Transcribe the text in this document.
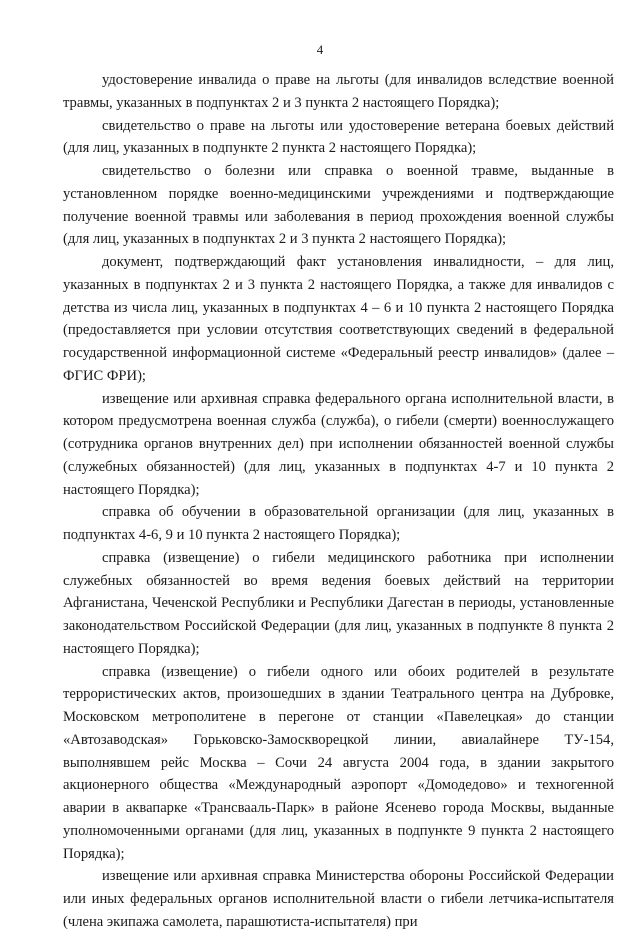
4

удостоверение инвалида о праве на льготы (для инвалидов вследствие военной травмы, указанных в подпунктах 2 и 3 пункта 2 настоящего Порядка);

свидетельство о праве на льготы или удостоверение ветерана боевых действий (для лиц, указанных в подпункте 2 пункта 2 настоящего Порядка);

свидетельство о болезни или справка о военной травме, выданные в установленном порядке военно-медицинскими учреждениями и подтверждающие получение военной травмы или заболевания в период прохождения военной службы (для лиц, указанных в подпунктах 2 и 3 пункта 2 настоящего Порядка);

документ, подтверждающий факт установления инвалидности, – для лиц, указанных в подпунктах 2 и 3 пункта 2 настоящего Порядка, а также для инвалидов с детства из числа лиц, указанных в подпунктах 4 – 6 и 10 пункта 2 настоящего Порядка (предоставляется при условии отсутствия соответствующих сведений в федеральной государственной информационной системе «Федеральный реестр инвалидов» (далее – ФГИС ФРИ);

извещение или архивная справка федерального органа исполнительной власти, в котором предусмотрена военная служба (служба), о гибели (смерти) военнослужащего (сотрудника органов внутренних дел) при исполнении обязанностей военной службы (служебных обязанностей) (для лиц, указанных в подпунктах 4-7 и 10 пункта 2 настоящего Порядка);

справка об обучении в образовательной организации (для лиц, указанных в подпунктах 4-6, 9 и 10 пункта 2 настоящего Порядка);

справка (извещение) о гибели медицинского работника при исполнении служебных обязанностей во время ведения боевых действий на территории Афганистана, Чеченской Республики и Республики Дагестан в периоды, установленные законодательством Российской Федерации (для лиц, указанных в подпункте 8 пункта 2 настоящего Порядка);

справка (извещение) о гибели одного или обоих родителей в результате террористических актов, произошедших в здании Театрального центра на Дубровке, Московском метрополитене в перегоне от станции «Павелецкая» до станции «Автозаводская» Горьковско-Замоскворецкой линии, авиалайнере ТУ-154, выполнявшем рейс Москва – Сочи 24 августа 2004 года, в здании закрытого акционерного общества «Международный аэропорт «Домодедово» и техногенной аварии в аквапарке «Трансвааль-Парк» в районе Ясенево города Москвы, выданные уполномоченными органами (для лиц, указанных в подпункте 9 пункта 2 настоящего Порядка);

извещение или архивная справка Министерства обороны Российской Федерации или иных федеральных органов исполнительной власти о гибели летчика-испытателя (члена экипажа самолета, парашютиста-испытателя) при
